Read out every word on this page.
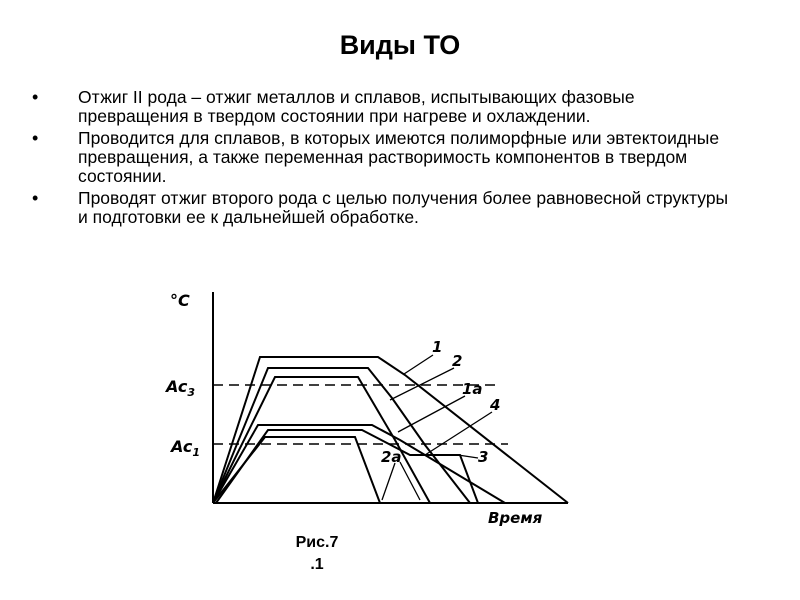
Виды ТО
•	Отжиг II рода – отжиг металлов и сплавов, испытывающих фазовые превращения в твердом состоянии при нагреве и охлаждении.
•	Проводится для сплавов, в которых имеются полиморфные или эвтектоидные превращения, а также переменная растворимость компонентов в твердом состоянии.
•	Проводят отжиг второго рода с целью получения более равновесной структуры и подготовки ее к дальнейшей обработке.
°C
Время
$Ac_3$
$Ac_1$
1
2
1a
4
2a	3
Рис.7
.1
